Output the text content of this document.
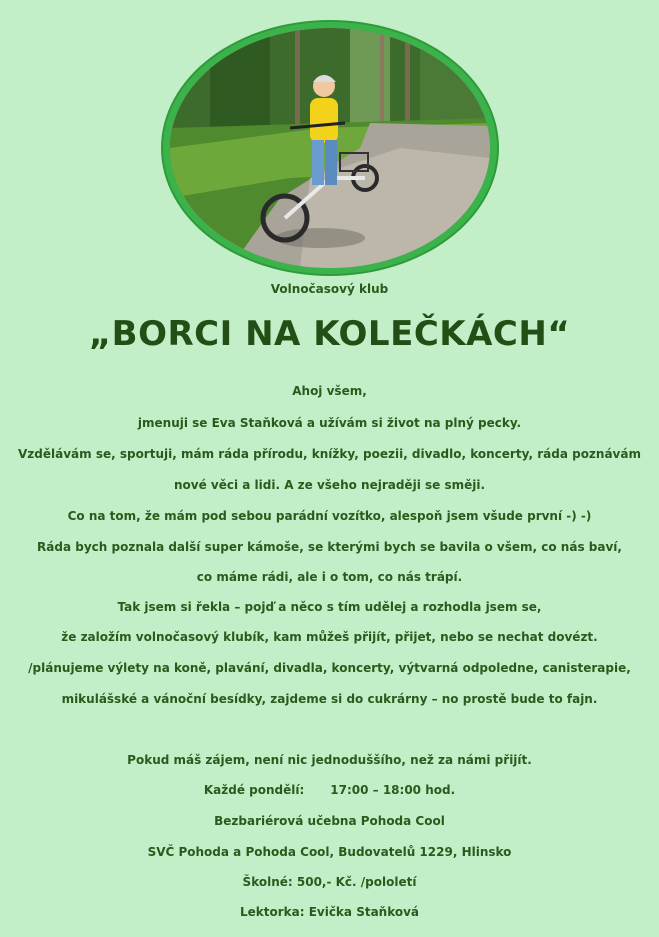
Volnočasový klub
„BORCI NA KOLEČKÁCH“
Ahoj všem,
jmenuji se Eva Staňková a užívám si život na plný pecky.
Vzdělávám se, sportuji, mám ráda přírodu, knížky, poezii, divadlo, koncerty, ráda poznávám
nové věci a lidi. A ze všeho nejraději se směji.
Co na tom, že mám pod sebou parádní vozítko, alespoň jsem všude první -) -)
Ráda bych poznala další super kámoše, se kterými bych se bavila o všem, co nás baví,
co máme rádi, ale i o tom, co nás trápí.
Tak jsem si řekla – pojď a něco s tím udělej a rozhodla jsem se,
že založím volnočasový klubík, kam můžeš přijít, přijet, nebo se nechat dovézt.
/plánujeme výlety na koně, plavání, divadla, koncerty, výtvarná odpoledne, canisterapie,
mikulášské a vánoční besídky, zajdeme si do cukrárny – no prostě bude to fajn.
Pokud máš zájem, není nic jednoduššího, než za námi přijít.
Každé pondělí: 17:00 – 18:00 hod.
Bezbariérová učebna Pohoda Cool
SVČ Pohoda a Pohoda Cool, Budovatelů 1229, Hlinsko
Školné: 500,- Kč. /pololetí
Lektorka: Evička Staňková
